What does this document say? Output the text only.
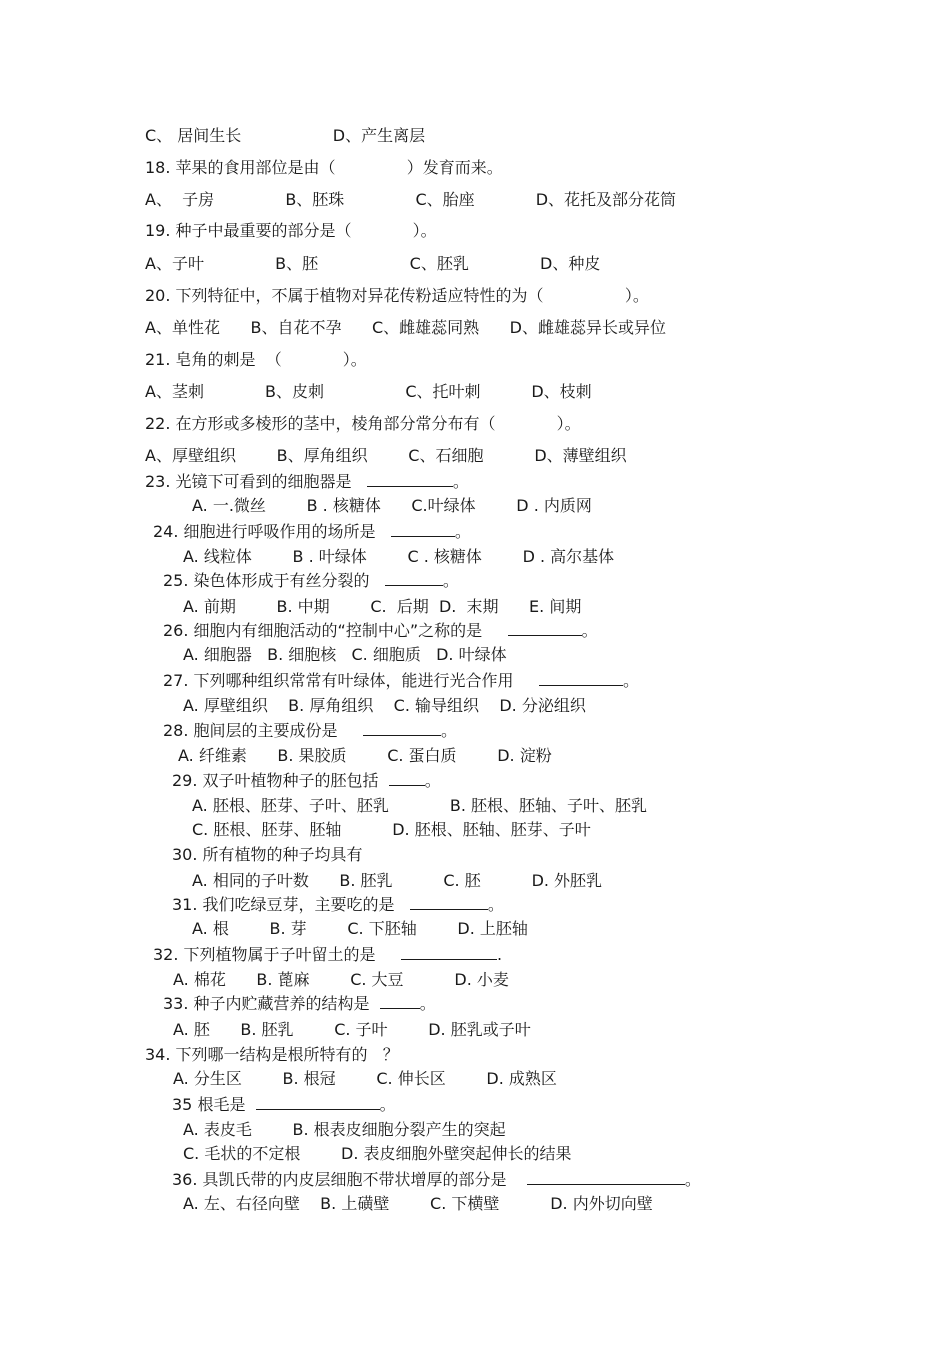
C、 居间生长                  D、产生离层
18. 苹果的食用部位是由（              ）发育而来。
A、  子房              B、胚珠              C、胎座            D、花托及部分花筒
19. 种子中最重要的部分是（            ）。
A、子叶              B、胚                  C、胚乳              D、种皮
20. 下列特征中，不属于植物对异花传粉适应特性的为（                ）。
A、单性花      B、自花不孕      C、雌雄蕊同熟      D、雌雄蕊异长或异位
21. 皂角的刺是  （            ）。
A、茎刺            B、皮刺                C、托叶刺          D、枝刺
22. 在方形或多棱形的茎中，棱角部分常分布有（            ）。
A、厚壁组织        B、厚角组织        C、石细胞          D、薄壁组织
23. 光镜下可看到的细胞器是	。
A. 一.微丝        B . 核糖体      C.叶绿体        D . 内质网
24. 细胞进行呼吸作用的场所是	。
A. 线粒体        B . 叶绿体        C . 核糖体        D . 高尔基体
25. 染色体形成于有丝分裂的	。
A. 前期        B. 中期        C.  后期  D.  末期      E. 间期
26. 细胞内有细胞活动的“控制中心”之称的是	。
A. 细胞器   B. 细胞核   C. 细胞质   D. 叶绿体
27. 下列哪种组织常常有叶绿体，能进行光合作用	。
A. 厚壁组织    B. 厚角组织    C. 输导组织    D. 分泌组织
28. 胞间层的主要成份是	。
A. 纤维素      B. 果胶质        C. 蛋白质        D. 淀粉
29. 双子叶植物种子的胚包括	。
A. 胚根、胚芽、子叶、胚乳            B. 胚根、胚轴、子叶、胚乳
C. 胚根、胚芽、胚轴          D. 胚根、胚轴、胚芽、子叶
30. 所有植物的种子均具有
A. 相同的子叶数      B. 胚乳          C. 胚          D. 外胚乳
31. 我们吃绿豆芽，主要吃的是	。
A. 根        B. 芽        C. 下胚轴        D. 上胚轴
32. 下列植物属于子叶留土的是	.
A. 棉花      B. 蓖麻        C. 大豆          D. 小麦
33. 种子内贮藏营养的结构是	。
A. 胚      B. 胚乳        C. 子叶        D. 胚乳或子叶
34. 下列哪一结构是根所特有的   ？
A. 分生区        B. 根冠        C. 伸长区        D. 成熟区
35 根毛是	。
A. 表皮毛        B. 根表皮细胞分裂产生的突起
C. 毛状的不定根        D. 表皮细胞外壁突起伸长的结果
36. 具凯氏带的内皮层细胞不带状增厚的部分是	。
A. 左、右径向壁    B. 上磺壁        C. 下横壁          D. 内外切向壁
